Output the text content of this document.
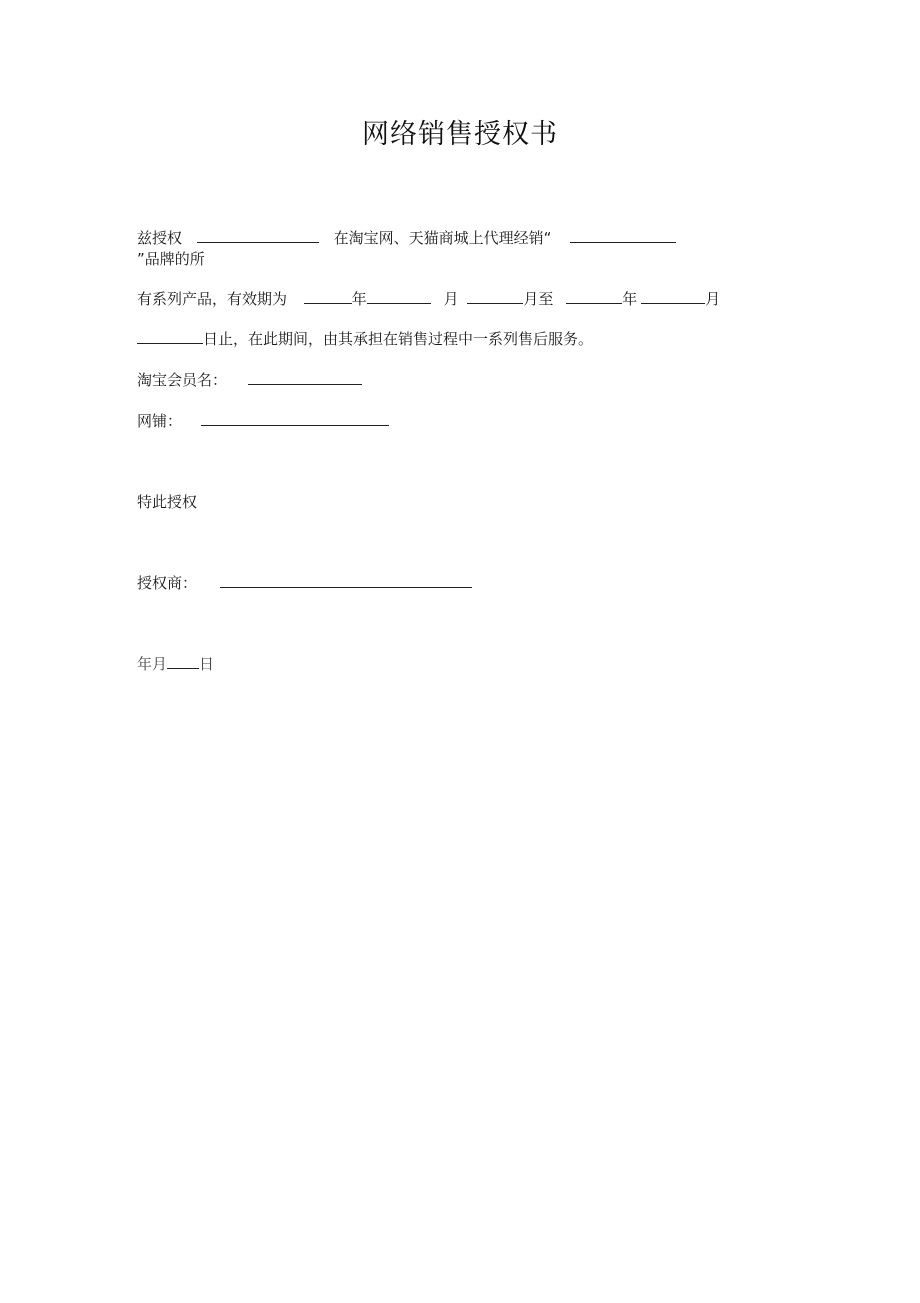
网络销售授权书
兹授权	在淘宝网、天猫商城上代理经销“
”品牌的所
有系列产品，有效期为	年	月	月至	年	月
日止，在此期间，由其承担在销售过程中一系列售后服务。
淘宝会员名：
网铺：
特此授权
授权商：
年月 日
